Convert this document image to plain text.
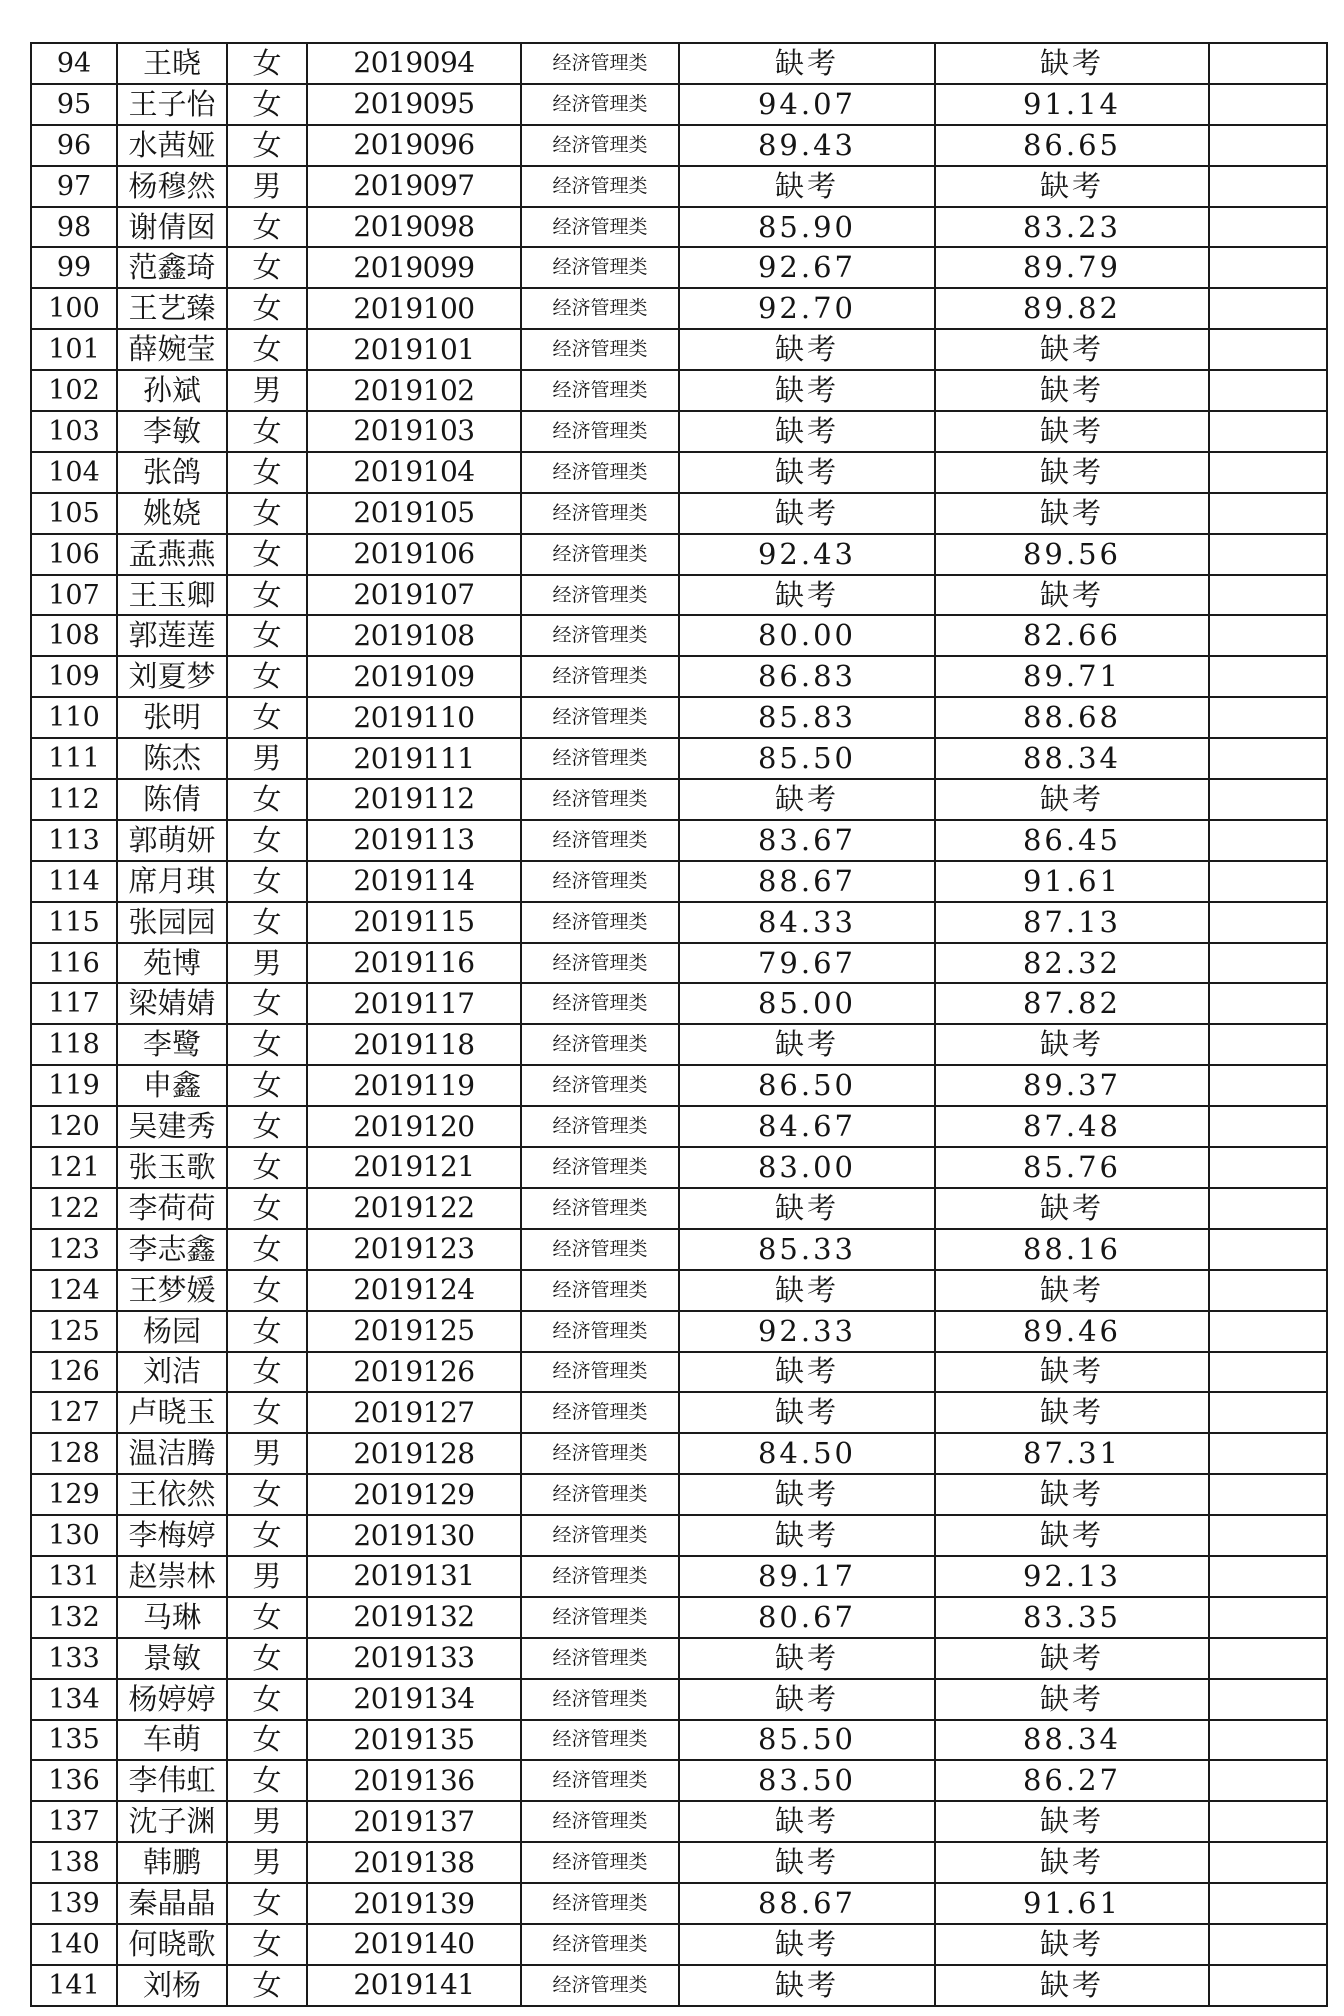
94	王晓	女	2019094	经济管理类	缺考	缺考	
95	王子怡	女	2019095	经济管理类	94.07	91.14	
96	水茜娅	女	2019096	经济管理类	89.43	86.65	
97	杨穆然	男	2019097	经济管理类	缺考	缺考	
98	谢倩囡	女	2019098	经济管理类	85.90	83.23	
99	范鑫琦	女	2019099	经济管理类	92.67	89.79	
100	王艺臻	女	2019100	经济管理类	92.70	89.82	
101	薛婉莹	女	2019101	经济管理类	缺考	缺考	
102	孙斌	男	2019102	经济管理类	缺考	缺考	
103	李敏	女	2019103	经济管理类	缺考	缺考	
104	张鸽	女	2019104	经济管理类	缺考	缺考	
105	姚娆	女	2019105	经济管理类	缺考	缺考	
106	孟燕燕	女	2019106	经济管理类	92.43	89.56	
107	王玉卿	女	2019107	经济管理类	缺考	缺考	
108	郭莲莲	女	2019108	经济管理类	80.00	82.66	
109	刘夏梦	女	2019109	经济管理类	86.83	89.71	
110	张明	女	2019110	经济管理类	85.83	88.68	
111	陈杰	男	2019111	经济管理类	85.50	88.34	
112	陈倩	女	2019112	经济管理类	缺考	缺考	
113	郭萌妍	女	2019113	经济管理类	83.67	86.45	
114	席月琪	女	2019114	经济管理类	88.67	91.61	
115	张园园	女	2019115	经济管理类	84.33	87.13	
116	苑博	男	2019116	经济管理类	79.67	82.32	
117	梁婧婧	女	2019117	经济管理类	85.00	87.82	
118	李鹭	女	2019118	经济管理类	缺考	缺考	
119	申鑫	女	2019119	经济管理类	86.50	89.37	
120	吴建秀	女	2019120	经济管理类	84.67	87.48	
121	张玉歌	女	2019121	经济管理类	83.00	85.76	
122	李荷荷	女	2019122	经济管理类	缺考	缺考	
123	李志鑫	女	2019123	经济管理类	85.33	88.16	
124	王梦媛	女	2019124	经济管理类	缺考	缺考	
125	杨园	女	2019125	经济管理类	92.33	89.46	
126	刘洁	女	2019126	经济管理类	缺考	缺考	
127	卢晓玉	女	2019127	经济管理类	缺考	缺考	
128	温洁腾	男	2019128	经济管理类	84.50	87.31	
129	王依然	女	2019129	经济管理类	缺考	缺考	
130	李梅婷	女	2019130	经济管理类	缺考	缺考	
131	赵崇林	男	2019131	经济管理类	89.17	92.13	
132	马琳	女	2019132	经济管理类	80.67	83.35	
133	景敏	女	2019133	经济管理类	缺考	缺考	
134	杨婷婷	女	2019134	经济管理类	缺考	缺考	
135	车萌	女	2019135	经济管理类	85.50	88.34	
136	李伟虹	女	2019136	经济管理类	83.50	86.27	
137	沈子渊	男	2019137	经济管理类	缺考	缺考	
138	韩鹏	男	2019138	经济管理类	缺考	缺考	
139	秦晶晶	女	2019139	经济管理类	88.67	91.61	
140	何晓歌	女	2019140	经济管理类	缺考	缺考	
141	刘杨	女	2019141	经济管理类	缺考	缺考	
